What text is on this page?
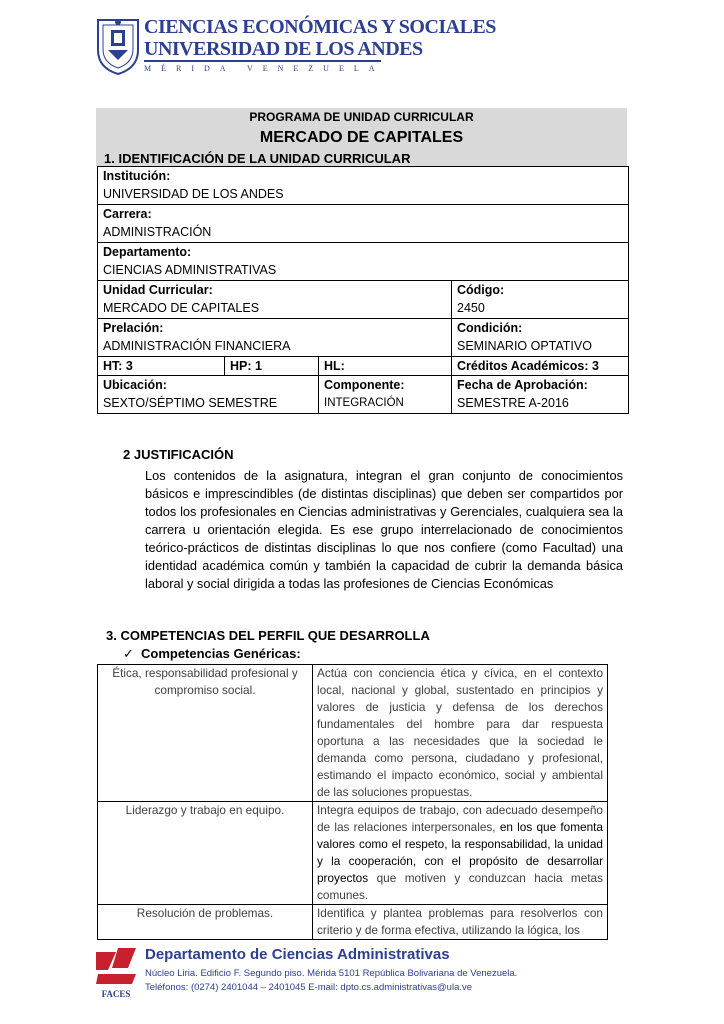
CIENCIAS ECONÓMICAS Y SOCIALES
UNIVERSIDAD DE LOS ANDES
MÉRIDA VENEZUELA
PROGRAMA DE UNIDAD CURRICULAR
MERCADO DE CAPITALES
1. IDENTIFICACIÓN DE LA UNIDAD CURRICULAR
Institución:
UNIVERSIDAD DE LOS ANDES			

Carrera:
ADMINISTRACIÓN			

Departamento:
CIENCIAS ADMINISTRATIVAS			

Unidad Curricular:
MERCADO DE CAPITALES			Código:
2450

Prelación:
ADMINISTRACIÓN FINANCIERA			Condición:
SEMINARIO OPTATIVO

HT: 3	HP: 1	HL:	Créditos Académicos: 3

Ubicación:
SEXTO/SÉPTIMO SEMESTRE		Componente:
INTEGRACIÓN	Fecha de Aprobación:
SEMESTRE A-2016
2 JUSTIFICACIÓN
Los contenidos de la asignatura, integran el gran conjunto de conocimientos básicos e imprescindibles (de distintas disciplinas) que deben ser compartidos por todos los profesionales en Ciencias administrativas y Gerenciales, cualquiera sea la carrera u orientación elegida. Es ese grupo interrelacionado de conocimientos teórico-prácticos de distintas disciplinas lo que nos confiere (como Facultad) una identidad académica común y también la capacidad de cubrir la demanda básica laboral y social dirigida a todas las profesiones de Ciencias Económicas
3. COMPETENCIAS DEL PERFIL QUE DESARROLLA
✓ Competencias Genéricas:
Ética, responsabilidad profesional y compromiso social.	Actúa con conciencia ética y cívica, en el contexto local, nacional y global, sustentado en principios y valores de justicia y defensa de los derechos fundamentales del hombre para dar respuesta oportuna a las necesidades que la sociedad le demanda como persona, ciudadano y profesional, estimando el impacto económico, social y ambiental de las soluciones propuestas.
Liderazgo y trabajo en equipo.	Integra equipos de trabajo, con adecuado desempeño de las relaciones interpersonales, en los que fomenta valores como el respeto, la responsabilidad, la unidad y la cooperación, con el propósito de desarrollar proyectos que motiven y conduzcan hacia metas comunes.
Resolución de problemas.	Identifica y plantea problemas para resolverlos con criterio y de forma efectiva, utilizando la lógica, los
FACES
Departamento de Ciencias Administrativas
Núcleo Liria. Edificio F. Segundo piso. Mérida 5101 República Bolivariana de Venezuela.
Teléfonos: (0274) 2401044 – 2401045 E-mail: dpto.cs.administrativas@ula.ve
